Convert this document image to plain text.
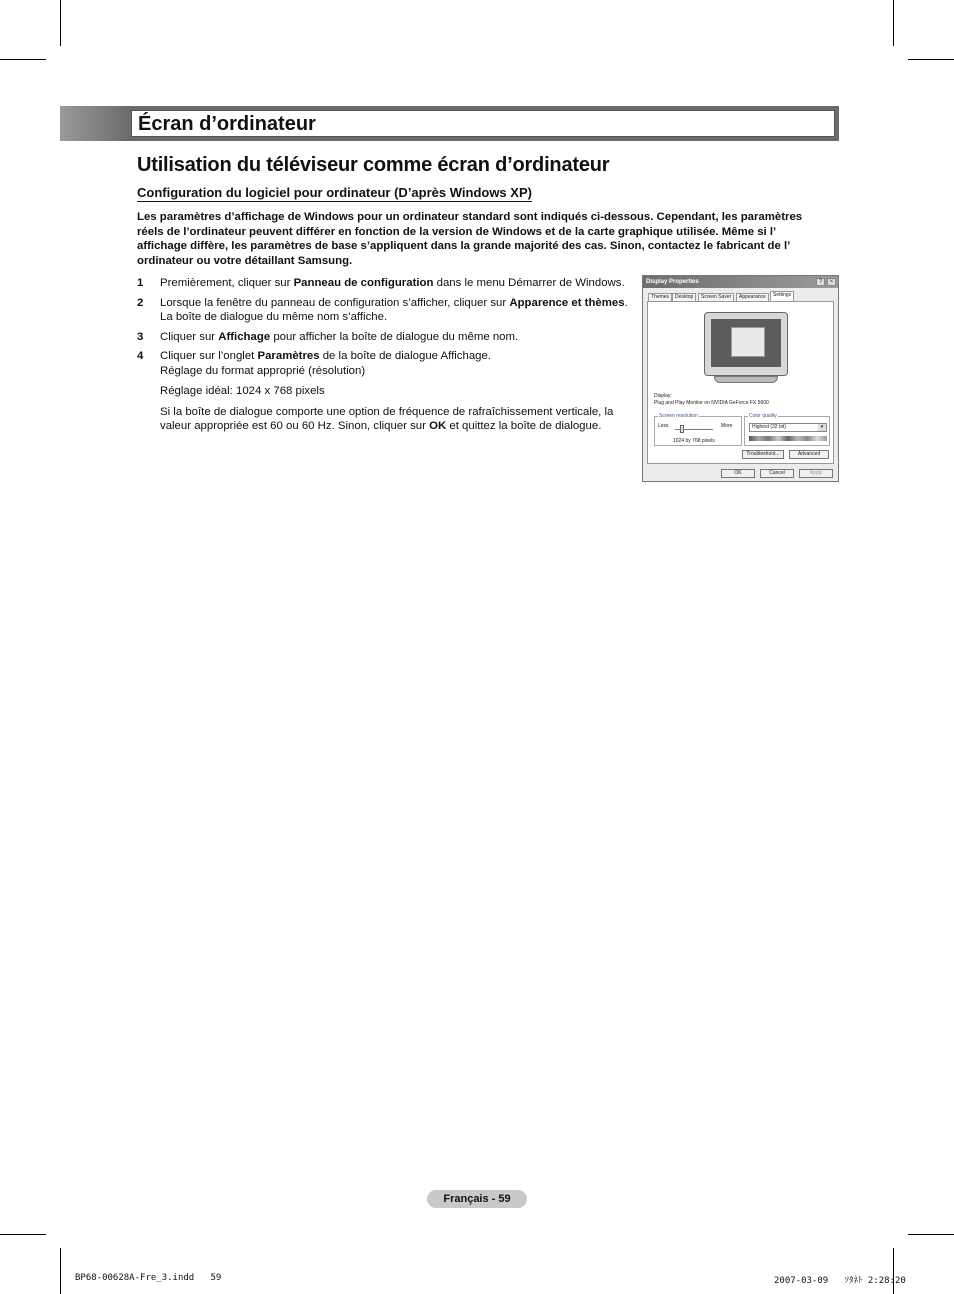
Écran d’ordinateur
Utilisation du téléviseur comme écran d’ordinateur
Configuration du logiciel pour ordinateur (D’après Windows XP)
Les paramètres d’affichage de Windows pour un ordinateur standard sont indiqués ci-dessous. Cependant, les paramètres
réels de l’ordinateur peuvent différer en fonction de la version de Windows et de la carte graphique utilisée. Même si l’
affichage diffère, les paramètres de base s’appliquent dans la grande majorité des cas. Sinon, contactez le fabricant de l’
ordinateur ou votre détaillant Samsung.
1 Premièrement, cliquer sur Panneau de configuration dans le menu Démarrer de Windows.
2 Lorsque la fenêtre du panneau de configuration s’afficher, cliquer sur Apparence et thèmes. La boîte de dialogue du même nom s’affiche.
3 Cliquer sur Affichage pour afficher la boîte de dialogue du même nom.
4 Cliquer sur l’onglet Paramètres de la boîte de dialogue Affichage.
Réglage du format approprié (résolution)
Réglage idéal: 1024 x 768 pixels
Si la boîte de dialogue comporte une option de fréquence de rafraîchissement verticale, la valeur appropriée est 60 ou 60 Hz. Sinon, cliquer sur OK et quittez la boîte de dialogue.
Display Properties	?	×
Themes	Desktop	Screen Saver	Appearance	Settings
Display:
Plug and Play Monitor on NVIDIA GeForce FX 5600
Screen resolution
Less	More
1024 by 768 pixels
Color quality
Highest (32 bit)	▾
Troubleshoot...	Advanced
OK	Cancel	Apply
Français - 59
BP68-00628A-Fre_3.indd   59	2007-03-09   ｿﾀﾈﾄ 2:28:20
